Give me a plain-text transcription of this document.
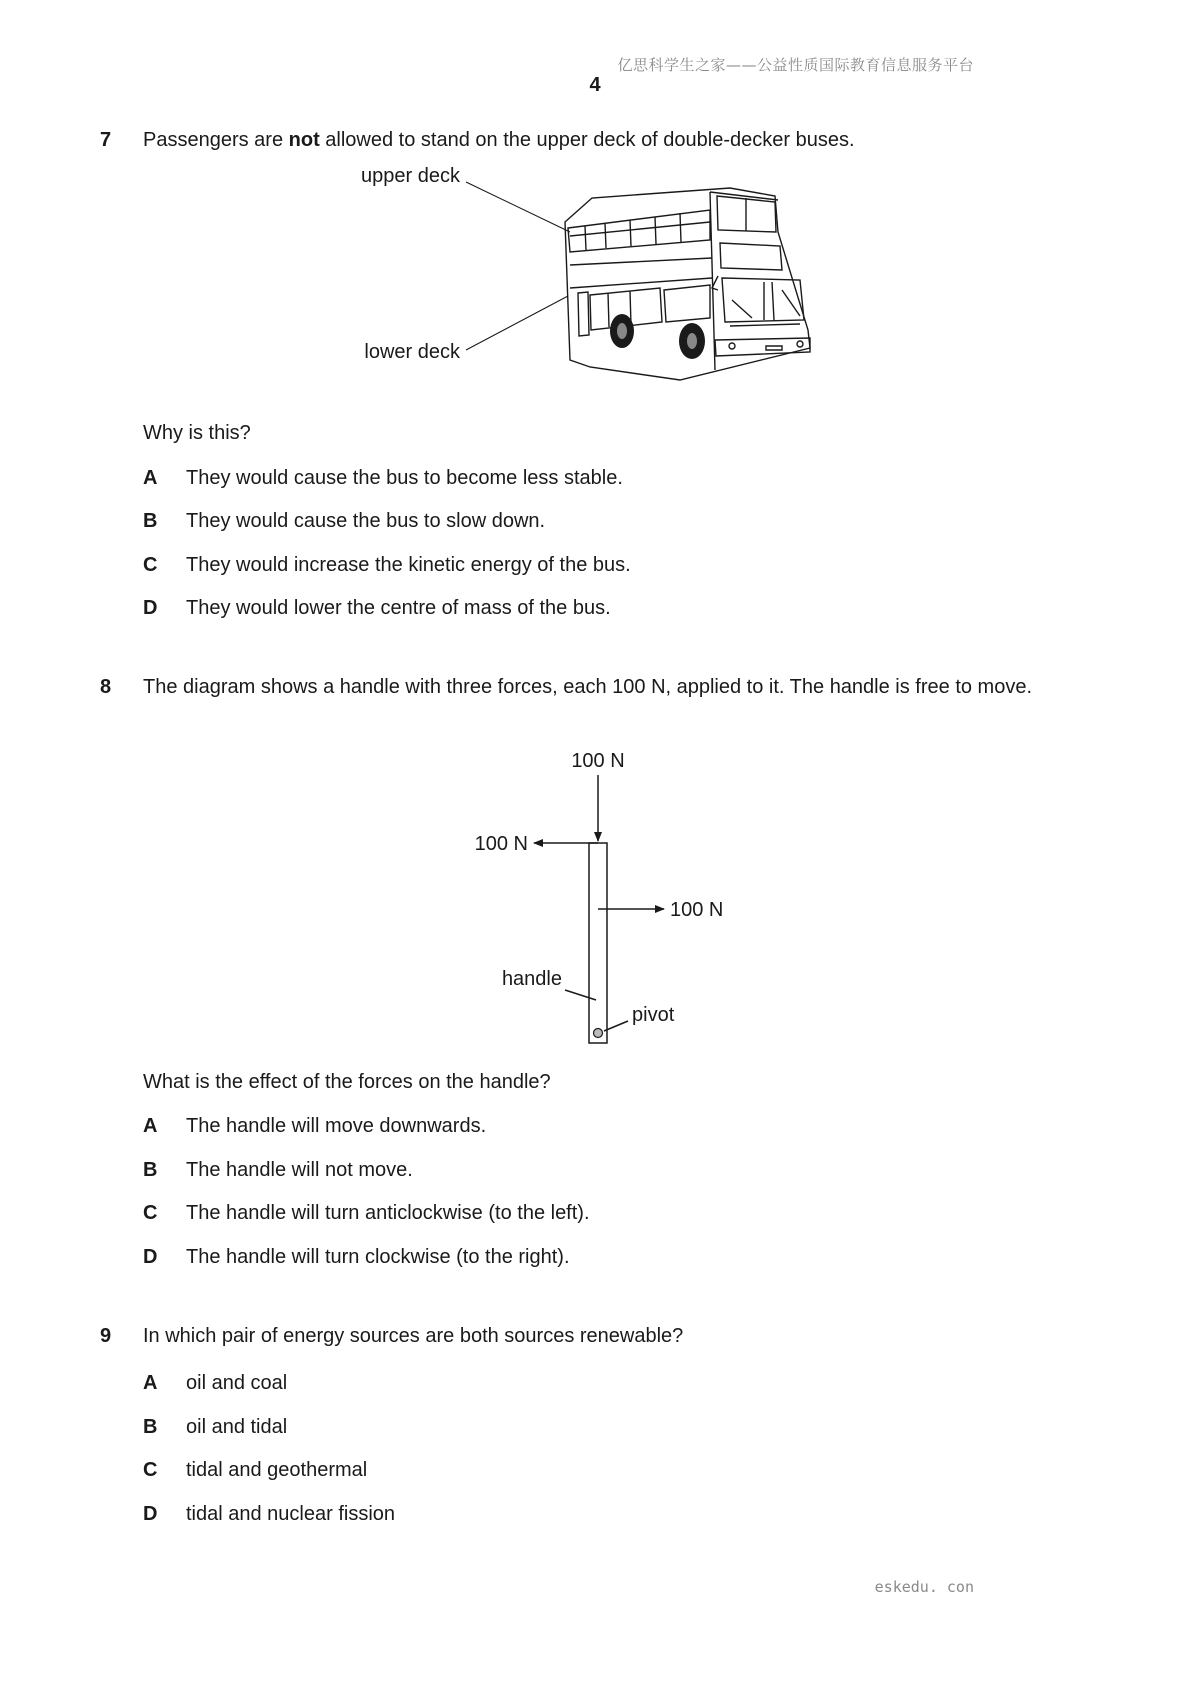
亿思科学生之家——公益性质国际教育信息服务平台
4
7 Passengers are not allowed to stand on the upper deck of double-decker buses.
upper deck
lower deck
Why is this?
A They would cause the bus to become less stable.
B They would cause the bus to slow down.
C They would increase the kinetic energy of the bus.
D They would lower the centre of mass of the bus.
8 The diagram shows a handle with three forces, each 100 N, applied to it. The handle is free to move.
100 N
100 N
100 N
handle
pivot
What is the effect of the forces on the handle?
A The handle will move downwards.
B The handle will not move.
C The handle will turn anticlockwise (to the left).
D The handle will turn clockwise (to the right).
9 In which pair of energy sources are both sources renewable?
A oil and coal
B oil and tidal
C tidal and geothermal
D tidal and nuclear fission
eskedu. con
